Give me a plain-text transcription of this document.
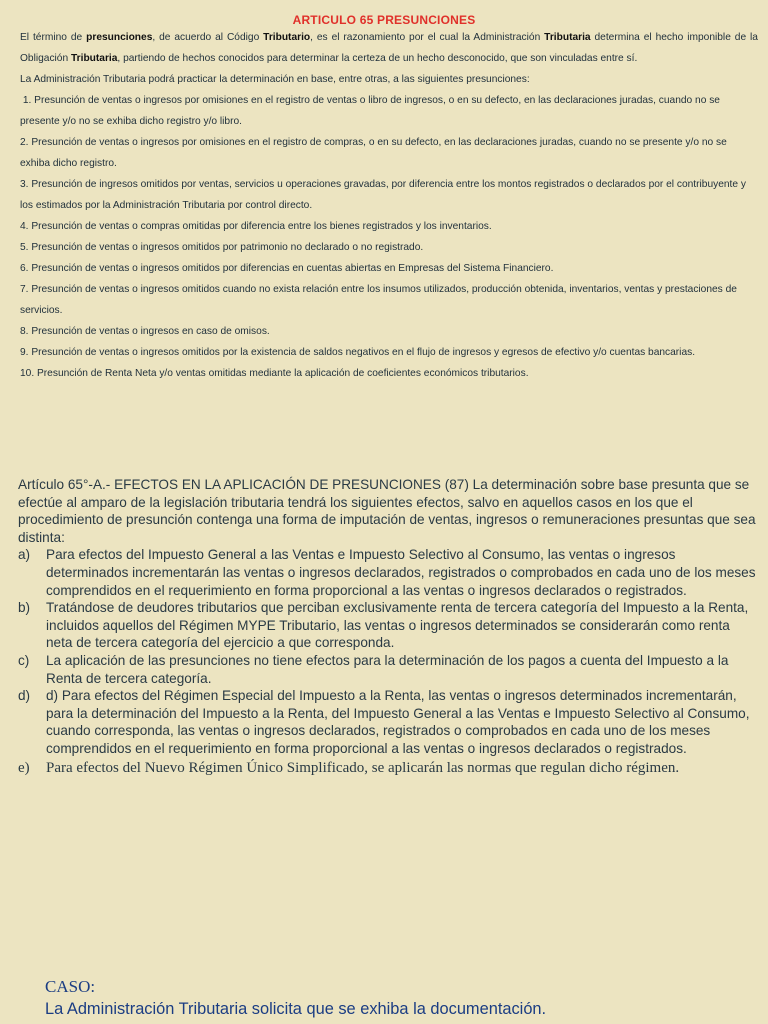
ARTICULO 65 PRESUNCIONES

El término de presunciones, de acuerdo al Código Tributario, es el razonamiento por el cual la Administración Tributaria determina el hecho imponible de la Obligación Tributaria, partiendo de hechos conocidos para determinar la certeza de un hecho desconocido, que son vinculadas entre sí.

La Administración Tributaria podrá practicar la determinación en base, entre otras, a las siguientes presunciones:

1. Presunción de ventas o ingresos por omisiones en el registro de ventas o libro de ingresos, o en su defecto, en las declaraciones juradas, cuando no se presente y/o no se exhiba dicho registro y/o libro.

2. Presunción de ventas o ingresos por omisiones en el registro de compras, o en su defecto, en las declaraciones juradas, cuando no se presente y/o no se exhiba dicho registro.

3. Presunción de ingresos omitidos por ventas, servicios u operaciones gravadas, por diferencia entre los montos registrados o declarados por el contribuyente y los estimados por la Administración Tributaria por control directo.

4. Presunción de ventas o compras omitidas por diferencia entre los bienes registrados y los inventarios.

5. Presunción de ventas o ingresos omitidos por patrimonio no declarado o no registrado.

6. Presunción de ventas o ingresos omitidos por diferencias en cuentas abiertas en Empresas del Sistema Financiero.

7. Presunción de ventas o ingresos omitidos cuando no exista relación entre los insumos utilizados, producción obtenida, inventarios, ventas y prestaciones de servicios.

8. Presunción de ventas o ingresos en caso de omisos.

9. Presunción de ventas o ingresos omitidos por la existencia de saldos negativos en el flujo de ingresos y egresos de efectivo y/o cuentas bancarias.

10. Presunción de Renta Neta y/o ventas omitidas mediante la aplicación de coeficientes económicos tributarios.

Artículo 65°-A.- EFECTOS EN LA APLICACIÓN DE PRESUNCIONES (87) La determinación sobre base presunta que se efectúe al amparo de la legislación tributaria tendrá los siguientes efectos, salvo en aquellos casos en los que el procedimiento de presunción contenga una forma de imputación de ventas, ingresos o remuneraciones presuntas que sea distinta:

a)	Para efectos del Impuesto General a las Ventas e Impuesto Selectivo al Consumo, las ventas o ingresos determinados incrementarán las ventas o ingresos declarados, registrados o comprobados en cada uno de los meses comprendidos en el requerimiento en forma proporcional a las ventas o ingresos declarados o registrados.
b)	Tratándose de deudores tributarios que perciban exclusivamente renta de tercera categoría del Impuesto a la Renta, incluidos aquellos del Régimen MYPE Tributario, las ventas o ingresos determinados se considerarán como renta neta de tercera categoría del ejercicio a que corresponda.
c)	La aplicación de las presunciones no tiene efectos para la determinación de los pagos a cuenta del Impuesto a la Renta de tercera categoría.
d)	d) Para efectos del Régimen Especial del Impuesto a la Renta, las ventas o ingresos determinados incrementarán, para la determinación del Impuesto a la Renta, del Impuesto General a las Ventas e Impuesto Selectivo al Consumo, cuando corresponda, las ventas o ingresos declarados, registrados o comprobados en cada uno de los meses comprendidos en el requerimiento en forma proporcional a las ventas o ingresos declarados o registrados.
e)	Para efectos del Nuevo Régimen Único Simplificado, se aplicarán las normas que regulan dicho régimen.
CASO:
La Administración Tributaria solicita que se exhiba la documentación.
